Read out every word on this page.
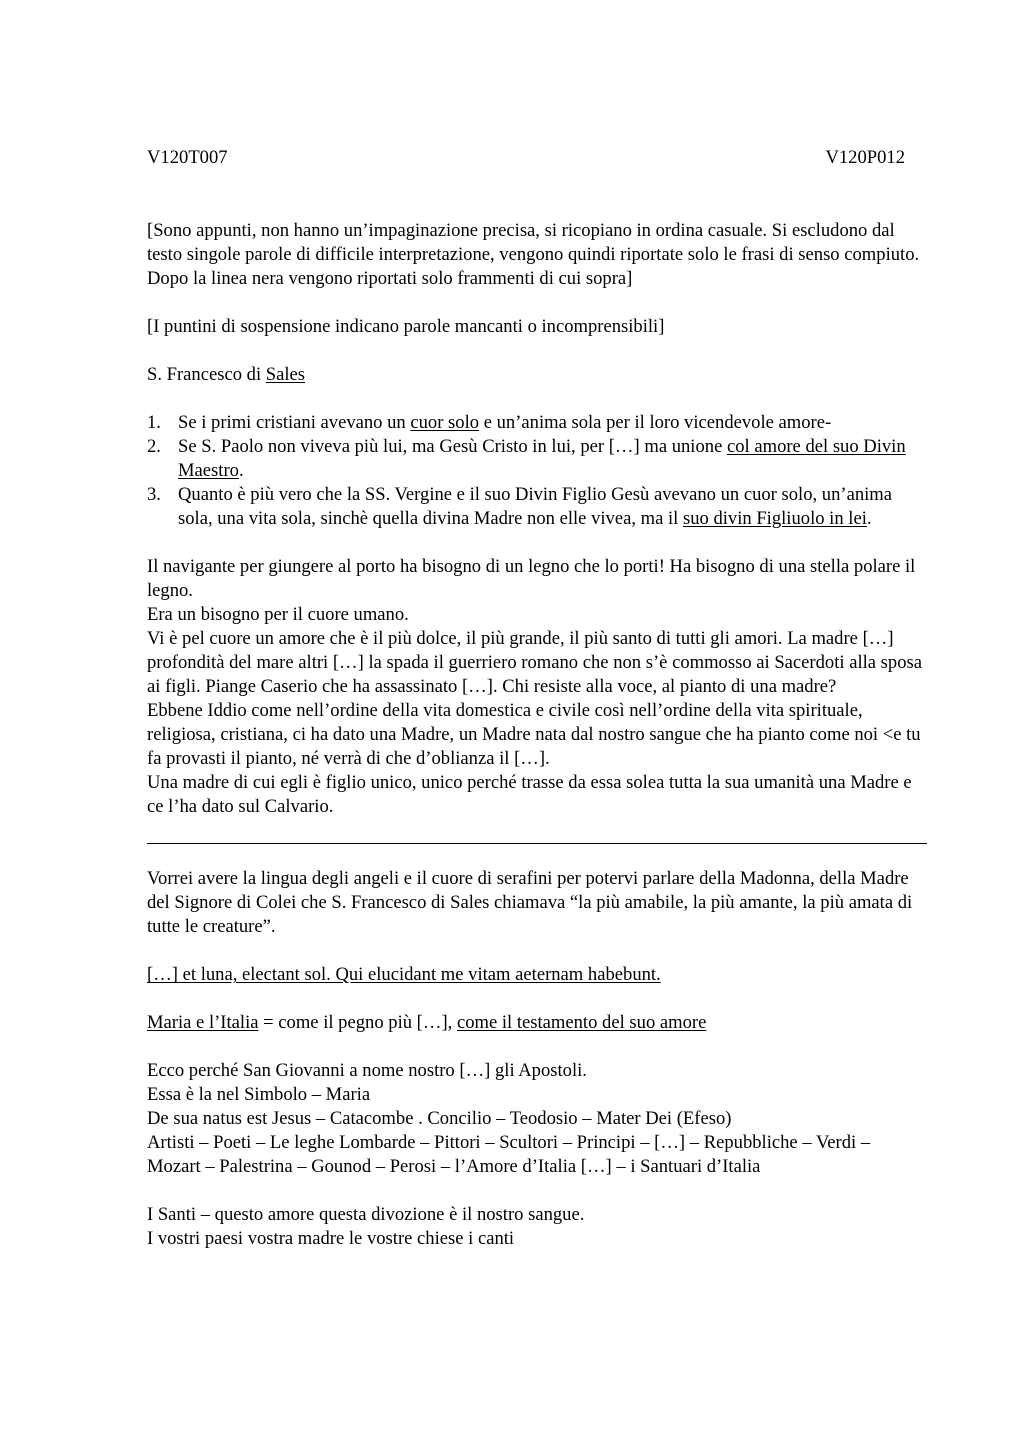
V120T007	V120P012

[Sono appunti, non hanno un’impaginazione precisa, si ricopiano in ordina casuale. Si escludono dal testo singole parole di difficile interpretazione, vengono quindi riportate solo le frasi di senso compiuto. Dopo la linea nera vengono riportati solo frammenti di cui sopra]

[I puntini di sospensione indicano parole mancanti o incomprensibili]

S. Francesco di Sales

1. Se i primi cristiani avevano un cuor solo e un’anima sola per il loro vicendevole amore-
2. Se S. Paolo non viveva più lui, ma Gesù Cristo in lui, per […] ma unione col amore del suo Divin Maestro.
3. Quanto è più vero che la SS. Vergine e il suo Divin Figlio Gesù avevano un cuor solo, un’anima sola, una vita sola, sinchè quella divina Madre non elle vivea, ma il suo divin Figliuolo in lei.

Il navigante per giungere al porto ha bisogno di un legno che lo porti! Ha bisogno di una stella polare il legno.

Era un bisogno per il cuore umano.

Vi è pel cuore un amore che è il più dolce, il più grande, il più santo di tutti gli amori. La madre […] profondità del mare altri […] la spada il guerriero romano che non s’è commosso ai Sacerdoti alla sposa ai figli. Piange Caserio che ha assassinato […]. Chi resiste alla voce, al pianto di una madre?

Ebbene Iddio come nell’ordine della vita domestica e civile così nell’ordine della vita spirituale, religiosa, cristiana, ci ha dato una Madre, un Madre nata dal nostro sangue che ha pianto come noi <e tu fa provasti il pianto, né verrà di che d’oblianza il […].

Una madre di cui egli è figlio unico, unico perché trasse da essa solea tutta la sua umanità una Madre e ce l’ha dato sul Calvario.

Vorrei avere la lingua degli angeli e il cuore di serafini per potervi parlare della Madonna, della Madre del Signore di Colei che S. Francesco di Sales chiamava “la più amabile, la più amante, la più amata di tutte le creature”.

[…] et luna, electant sol. Qui elucidant me vitam aeternam habebunt.

Maria e l’Italia = come il pegno più […], come il testamento del suo amore

Ecco perché San Giovanni a nome nostro […] gli Apostoli.

Essa è la nel Simbolo – Maria

De sua natus est Jesus – Catacombe . Concilio – Teodosio – Mater Dei (Efeso)

Artisti – Poeti – Le leghe Lombarde – Pittori – Scultori – Principi – […] – Repubbliche – Verdi – Mozart – Palestrina – Gounod – Perosi – l’Amore d’Italia […] – i Santuari d’Italia

I Santi – questo amore questa divozione è il nostro sangue.

I vostri paesi vostra madre le vostre chiese i canti
